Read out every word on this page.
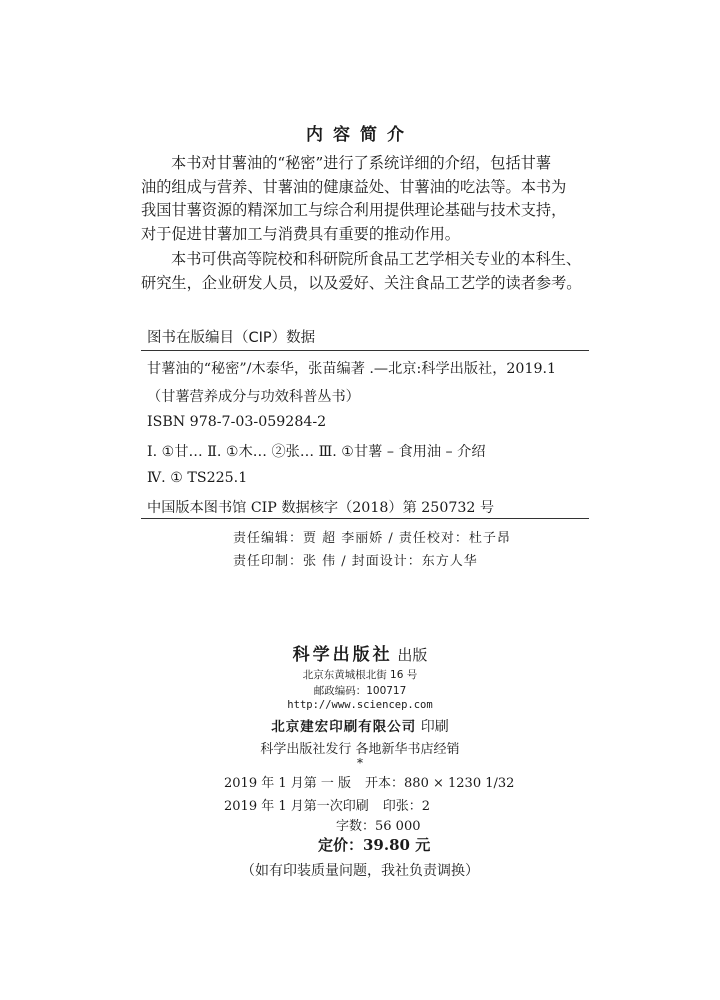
内容简介
本书对甘薯油的“秘密”进行了系统详细的介绍，包括甘薯
油的组成与营养、甘薯油的健康益处、甘薯油的吃法等。本书为
我国甘薯资源的精深加工与综合利用提供理论基础与技术支持，
对于促进甘薯加工与消费具有重要的推动作用。
本书可供高等院校和科研院所食品工艺学相关专业的本科生、
研究生，企业研发人员，以及爱好、关注食品工艺学的读者参考。
图书在版编目（CIP）数据
甘薯油的“秘密”/木泰华，张苗编著 .—北京:科学出版社，2019.1
（甘薯营养成分与功效科普丛书）
ISBN 978-7-03-059284-2
Ⅰ. ①甘… Ⅱ. ①木… ②张… Ⅲ. ①甘薯 – 食用油 – 介绍
Ⅳ. ① TS225.1
中国版本图书馆 CIP 数据核字（2018）第 250732 号
责任编辑：贾 超 李丽娇 / 责任校对：杜子昂
责任印制：张 伟 / 封面设计：东方人华
科学出版社 出版
北京东黄城根北街 16 号
邮政编码：100717
http://www.sciencep.com
北京建宏印刷有限公司 印刷
科学出版社发行 各地新华书店经销
*
2019 年 1 月第 一 版 开本：880 × 1230 1/32
2019 年 1 月第一次印刷 印张：2
字数：56 000
定价：39.80 元
（如有印装质量问题，我社负责调换）
